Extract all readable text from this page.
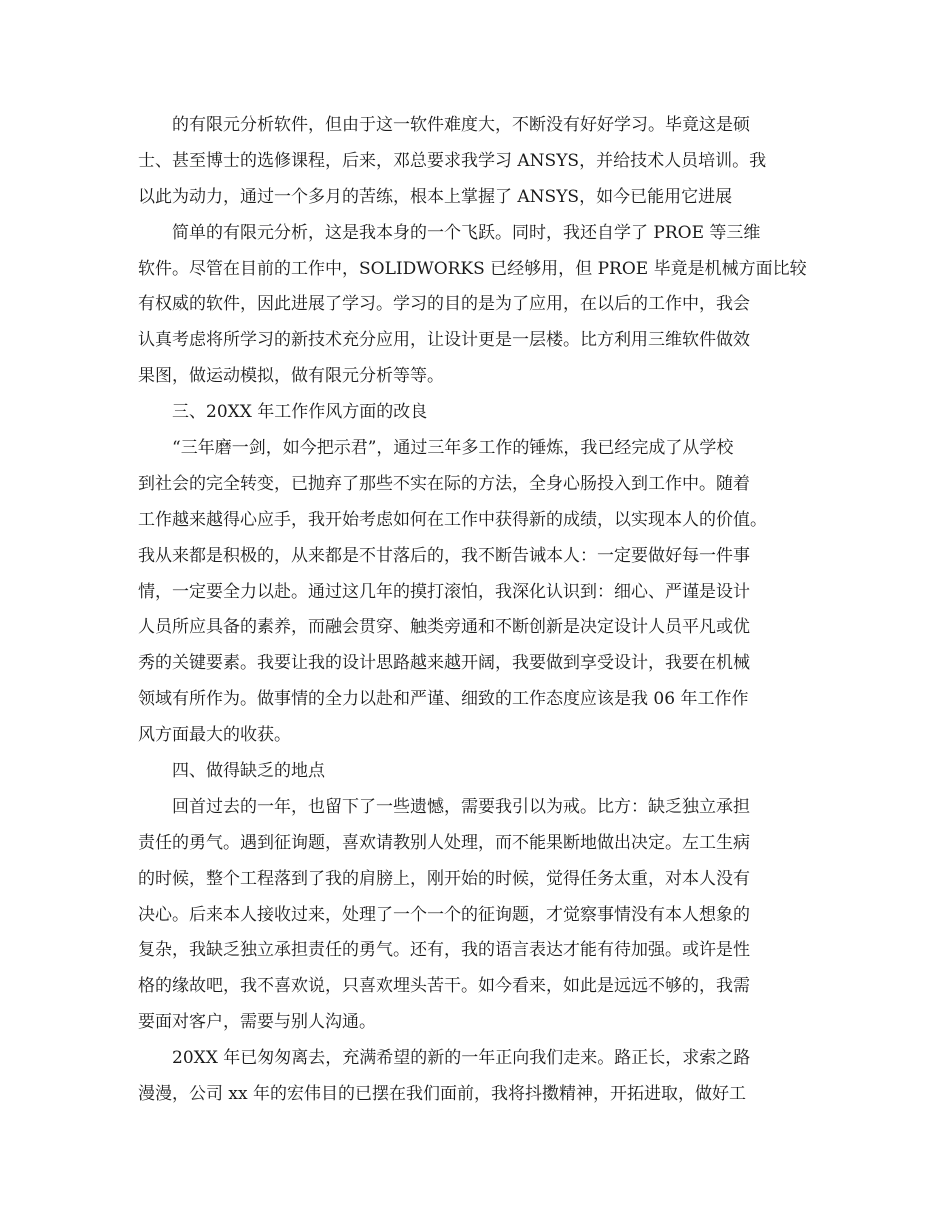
的有限元分析软件，但由于这一软件难度大，不断没有好好学习。毕竟这是硕
士、甚至博士的选修课程，后来，邓总要求我学习 ANSYS，并给技术人员培训。我
以此为动力，通过一个多月的苦练，根本上掌握了 ANSYS，如今已能用它进展
简单的有限元分析，这是我本身的一个飞跃。同时，我还自学了 PROE 等三维
软件。尽管在目前的工作中，SOLIDWORKS 已经够用，但 PROE 毕竟是机械方面比较
有权威的软件，因此进展了学习。学习的目的是为了应用，在以后的工作中，我会
认真考虑将所学习的新技术充分应用，让设计更是一层楼。比方利用三维软件做效
果图，做运动模拟，做有限元分析等等。
三、20XX 年工作作风方面的改良
“三年磨一剑，如今把示君”，通过三年多工作的锤炼，我已经完成了从学校
到社会的完全转变，已抛弃了那些不实在际的方法，全身心肠投入到工作中。随着
工作越来越得心应手，我开始考虑如何在工作中获得新的成绩，以实现本人的价值。
我从来都是积极的，从来都是不甘落后的，我不断告诫本人：一定要做好每一件事
情，一定要全力以赴。通过这几年的摸打滚怕，我深化认识到：细心、严谨是设计
人员所应具备的素养，而融会贯穿、触类旁通和不断创新是决定设计人员平凡或优
秀的关键要素。我要让我的设计思路越来越开阔，我要做到享受设计，我要在机械
领域有所作为。做事情的全力以赴和严谨、细致的工作态度应该是我 06 年工作作
风方面最大的收获。
四、做得缺乏的地点
回首过去的一年，也留下了一些遗憾，需要我引以为戒。比方：缺乏独立承担
责任的勇气。遇到征询题，喜欢请教别人处理，而不能果断地做出决定。左工生病
的时候，整个工程落到了我的肩膀上，刚开始的时候，觉得任务太重，对本人没有
决心。后来本人接收过来，处理了一个一个的征询题，才觉察事情没有本人想象的
复杂，我缺乏独立承担责任的勇气。还有，我的语言表达才能有待加强。或许是性
格的缘故吧，我不喜欢说，只喜欢埋头苦干。如今看来，如此是远远不够的，我需
要面对客户，需要与别人沟通。
20XX 年已匆匆离去，充满希望的新的一年正向我们走来。路正长，求索之路
漫漫，公司 xx 年的宏伟目的已摆在我们面前，我将抖擞精神，开拓进取，做好工
